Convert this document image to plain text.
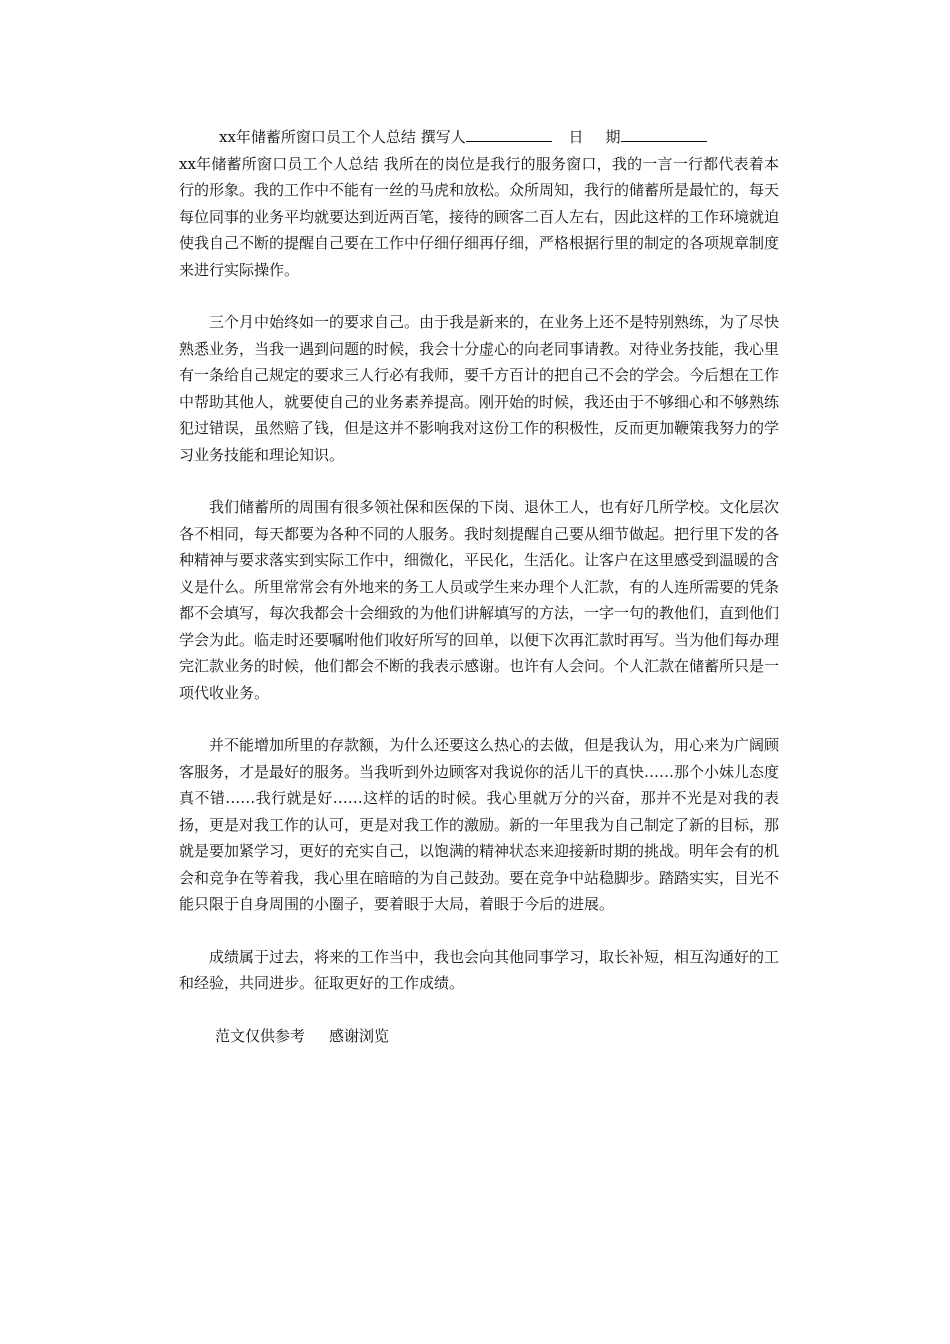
xx年储蓄所窗口员工个人总结 撰写人	日 期

xx年储蓄所窗口员工个人总结 我所在的岗位是我行的服务窗口，我的一言一行都代表着本行的形象。我的工作中不能有一丝的马虎和放松。众所周知，我行的储蓄所是最忙的，每天每位同事的业务平均就要达到近两百笔，接待的顾客二百人左右，因此这样的工作环境就迫使我自己不断的提醒自己要在工作中仔细仔细再仔细，严格根据行里的制定的各项规章制度来进行实际操作。

三个月中始终如一的要求自己。由于我是新来的，在业务上还不是特别熟练，为了尽快熟悉业务，当我一遇到问题的时候，我会十分虚心的向老同事请教。对待业务技能，我心里有一条给自己规定的要求三人行必有我师，要千方百计的把自己不会的学会。今后想在工作中帮助其他人，就要使自己的业务素养提高。刚开始的时候，我还由于不够细心和不够熟练犯过错误，虽然赔了钱，但是这并不影响我对这份工作的积极性，反而更加鞭策我努力的学习业务技能和理论知识。

我们储蓄所的周围有很多领社保和医保的下岗、退休工人，也有好几所学校。文化层次各不相同，每天都要为各种不同的人服务。我时刻提醒自己要从细节做起。把行里下发的各种精神与要求落实到实际工作中，细微化，平民化，生活化。让客户在这里感受到温暖的含义是什么。所里常常会有外地来的务工人员或学生来办理个人汇款，有的人连所需要的凭条都不会填写，每次我都会十会细致的为他们讲解填写的方法，一字一句的教他们，直到他们学会为此。临走时还要嘱咐他们收好所写的回单，以便下次再汇款时再写。当为他们每办理完汇款业务的时候，他们都会不断的我表示感谢。也许有人会问。个人汇款在储蓄所只是一项代收业务。

并不能增加所里的存款额，为什么还要这么热心的去做，但是我认为，用心来为广阔顾客服务，才是最好的服务。当我听到外边顾客对我说你的活儿干的真快……那个小妹儿态度真不错……我行就是好……这样的话的时候。我心里就万分的兴奋，那并不光是对我的表扬，更是对我工作的认可，更是对我工作的激励。新的一年里我为自己制定了新的目标，那就是要加紧学习，更好的充实自己，以饱满的精神状态来迎接新时期的挑战。明年会有的机会和竞争在等着我，我心里在暗暗的为自己鼓劲。要在竞争中站稳脚步。踏踏实实，目光不能只限于自身周围的小圈子，要着眼于大局，着眼于今后的进展。

成绩属于过去，将来的工作当中，我也会向其他同事学习，取长补短，相互沟通好的工和经验，共同进步。征取更好的工作成绩。

范文仅供参考 感谢浏览
